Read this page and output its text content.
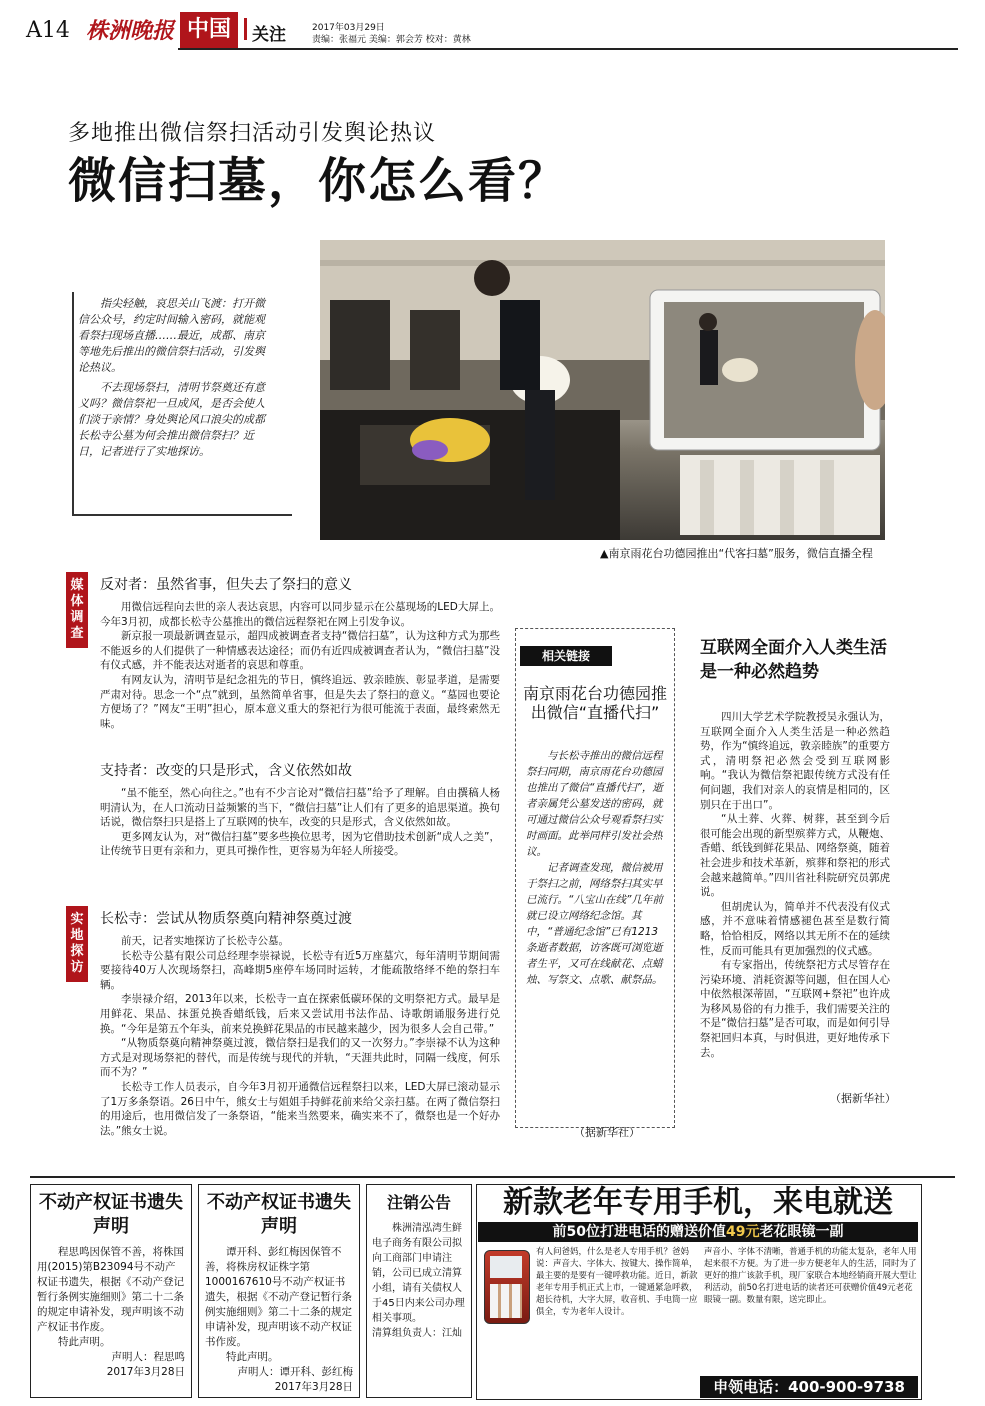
A14 株洲晚报 中国	关注	2017年03月29日
责编：张福元 美编：郭会芳 校对：黄林
多地推出微信祭扫活动引发舆论热议
微信扫墓，你怎么看？
▲南京雨花台功德园推出“代客扫墓”服务，微信直播全程

指尖轻触，哀思关山飞渡：打开微信公众号，约定时间输入密码，就能观看祭扫现场直播……最近，成都、南京等地先后推出的微信祭扫活动，引发舆论热议。

不去现场祭扫，清明节祭奠还有意义吗？微信祭祀一旦成风，是否会使人们淡于亲情？身处舆论风口浪尖的成都长松寺公墓为何会推出微信祭扫？近日，记者进行了实地探访。

媒体调查
实地探访
反对者：虽然省事，但失去了祭扫的意义

用微信远程向去世的亲人表达哀思，内容可以同步显示在公墓现场的LED大屏上。今年3月初，成都长松寺公墓推出的微信远程祭祀在网上引发争议。

新京报一项最新调查显示，超四成被调查者支持“微信扫墓”，认为这种方式为那些不能返乡的人们提供了一种情感表达途径；而仍有近四成被调查者认为，“微信扫墓”没有仪式感，并不能表达对逝者的哀思和尊重。

有网友认为，清明节是纪念祖先的节日，慎终追远、敦亲睦族、彰显孝道，是需要严肃对待。思念一个“点”就到，虽然简单省事，但是失去了祭扫的意义。“墓园也要论方便场了？”网友“王明”担心，原本意义重大的祭祀行为很可能流于表面，最终索然无味。

支持者：改变的只是形式，含义依然如故

“虽不能至，然心向往之。”也有不少言论对“微信扫墓”给予了理解。自由撰稿人杨明清认为，在人口流动日益频繁的当下，“微信扫墓”让人们有了更多的追思渠道。换句话说，微信祭扫只是搭上了互联网的快车，改变的只是形式，含义依然如故。

更多网友认为，对“微信扫墓”要多些换位思考，因为它借助技术创新“成人之美”，让传统节日更有亲和力，更具可操作性，更容易为年轻人所接受。

长松寺：尝试从物质祭奠向精神祭奠过渡

前天，记者实地探访了长松寺公墓。

长松寺公墓有限公司总经理李崇禄说，长松寺有近5万座墓穴，每年清明节期间需要接待40万人次现场祭扫，高峰期5座停车场同时运转，才能疏散络绎不绝的祭扫车辆。

李崇禄介绍，2013年以来，长松寺一直在探索低碳环保的文明祭祀方式。最早是用鲜花、果品、抹蛋兑换香蜡纸钱，后来又尝试用书法作品、诗歌朗诵服务进行兑换。“今年是第五个年头，前来兑换鲜花果品的市民越来越少，因为很多人会自己带。”

“从物质祭奠向精神祭奠过渡，微信祭扫是我们的又一次努力。”李崇禄不认为这种方式是对现场祭祀的替代，而是传统与现代的并轨，“天涯共此时，同隔一线度，何乐而不为？”

长松寺工作人员表示，自今年3月初开通微信远程祭扫以来，LED大屏已滚动显示了1万多条祭语。26日中午，熊女士与姐姐手持鲜花前来给父亲扫墓。在两了微信祭扫的用途后，也用微信发了一条祭语，“能来当然要来，确实来不了，微祭也是一个好办法。”熊女士说。

相关链接
南京雨花台功德园推出微信“直播代扫”

与长松寺推出的微信远程祭扫同期，南京雨花台功德园也推出了微信“直播代扫”，逝者亲属凭公墓发送的密码，就可通过微信公众号观看祭扫实时画面。此举同样引发社会热议。

记者调查发现，微信被用于祭扫之前，网络祭扫其实早已流行。“八宝山在线”几年前就已设立网络纪念馆。其中，“普通纪念馆”已有1213条逝者数据，访客既可浏览逝者生平，又可在线献花、点蜡烛、写祭文、点歌、献祭品。

（据新华社）
互联网全面介入人类生活是一种必然趋势

四川大学艺术学院教授吴永强认为，互联网全面介入人类生活是一种必然趋势，作为“慎终追远，敦亲睦族”的重要方式，清明祭祀必然会受到互联网影响。“我认为微信祭祀跟传统方式没有任何问题，我们对亲人的哀情是相同的，区别只在于出口”。

“从土葬、火葬、树葬，甚至到今后很可能会出现的新型殡葬方式，从鞭炮、香蜡、纸钱到鲜花果品、网络祭奠，随着社会进步和技术革新，殡葬和祭祀的形式会越来越简单。”四川省社科院研究员郭虎说。

但胡虎认为，简单并不代表没有仪式感，并不意味着情感褪色甚至是数行简略，恰恰相反，网络以其无所不在的延续性，反而可能具有更加强烈的仪式感。

有专家指出，传统祭祀方式尽管存在污染环境、消耗资源等问题，但在国人心中依然根深蒂固，“互联网+祭祀”也许成为移风易俗的有力推手，我们需要关注的不是“微信扫墓”是否可取，而是如何引导祭祀回归本真，与时俱进，更好地传承下去。

（据新华社）
不动产权证书遗失声明

程思鸣因保管不善，将株国用(2015)第B23094号不动产权证书遗失，根据《不动产登记暂行条例实施细则》第二十二条的规定申请补发，现声明该不动产权证书作废。

特此声明。

声明人：程思鸣
2017年3月28日
不动产权证书遗失声明

谭开科、彭红梅因保管不善，将株房权证株字第1000167610号不动产权证书遗失，根据《不动产登记暂行条例实施细则》第二十二条的规定申请补发，现声明该不动产权证书作废。

特此声明。

声明人：谭开科、彭红梅
2017年3月28日
注销公告

株洲清泓湾生鲜电子商务有限公司拟向工商部门申请注销，公司已成立清算小组，请有关债权人于45日内来公司办理相关事项。

清算组负责人：江灿
新款老年专用手机，来电就送
前50位打进电话的赠送价值49元老花眼镜一副
有人问爸妈，什么是老人专用手机？爸妈说：声音大、字体大、按键大、操作简单，最主要的是要有一键呼救功能。近日，新款老年专用手机正式上市，一键通紧急呼救，超长待机，大字大屏，收音机、手电筒一应俱全，专为老年人设计。
声音小、字体不清晰，普通手机的功能太复杂，老年人用起来很不方便。为了进一步方便老年人的生活，同时为了更好的推广该款手机，现厂家联合本地经销商开展大型让利活动，前50名打进电话的读者还可获赠价值49元老花眼镜一副。数量有限，送完即止。
申领电话：400-900-9738
